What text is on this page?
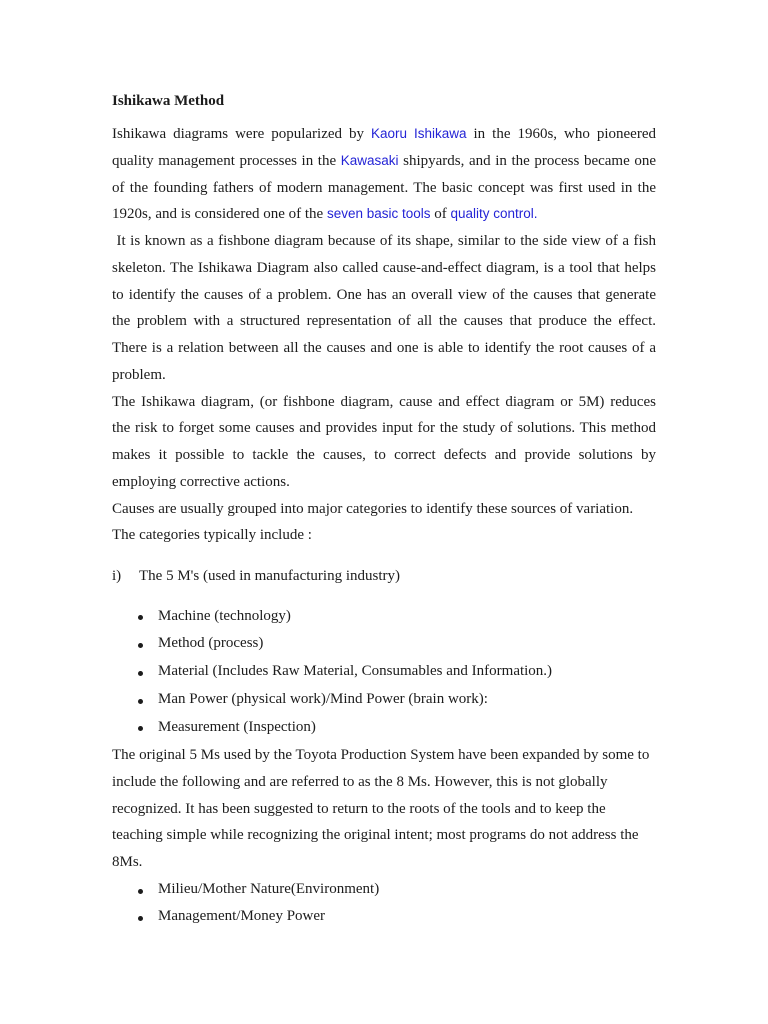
Ishikawa Method
Ishikawa diagrams were popularized by Kaoru Ishikawa in the 1960s, who pioneered
quality management processes in the Kawasaki shipyards, and in the process became one
of the founding fathers of modern management. The basic concept was first used in the
1920s, and is considered one of the seven basic tools of quality control.
It is known as a fishbone diagram because of its shape, similar to the side view of a fish
skeleton. The Ishikawa Diagram also called cause-and-effect diagram, is a tool that helps
to identify the causes of a problem. One has an overall view of the causes that generate
the problem with a structured representation of all the causes that produce the effect.
There is a relation between all the causes and one is able to identify the root causes of a
problem.
The Ishikawa diagram, (or fishbone diagram, cause and effect diagram or 5M) reduces
the risk to forget some causes and provides input for the study of solutions. This method
makes it possible to tackle the causes, to correct defects and provide solutions by
employing corrective actions.
Causes are usually grouped into major categories to identify these sources of variation.
The categories typically include :
i) The 5 M's (used in manufacturing industry)
Machine (technology)
Method (process)
Material (Includes Raw Material, Consumables and Information.)
Man Power (physical work)/Mind Power (brain work):
Measurement (Inspection)
The original 5 Ms used by the Toyota Production System have been expanded by some to
include the following and are referred to as the 8 Ms. However, this is not globally
recognized. It has been suggested to return to the roots of the tools and to keep the
teaching simple while recognizing the original intent; most programs do not address the
8Ms.
Milieu/Mother Nature(Environment)
Management/Money Power
